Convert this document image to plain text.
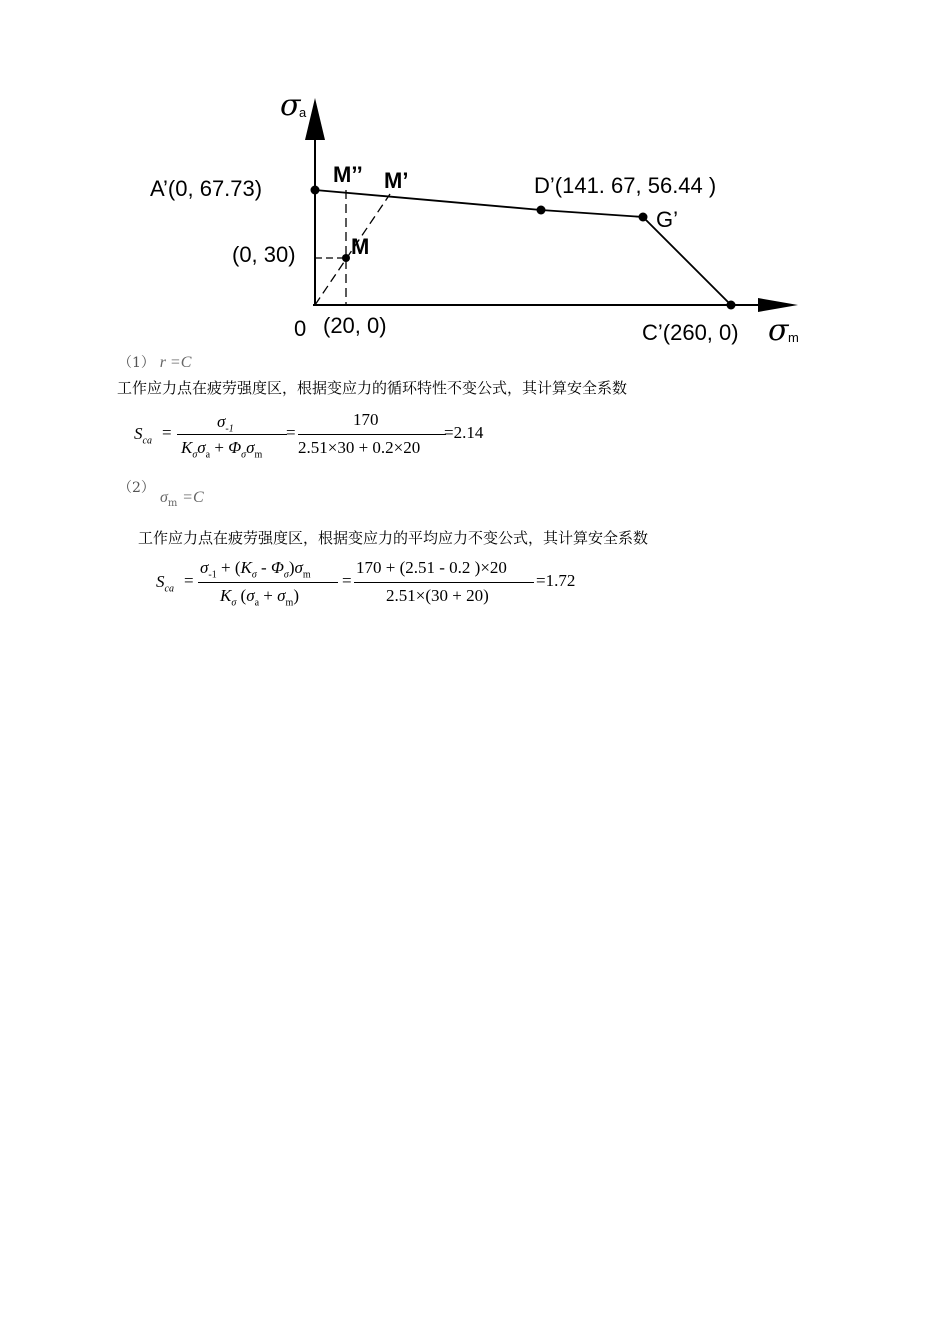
σ
a
σ m
A’(0, 67.73)
M’’ M’	D’(141. 67, 56.44 )
G’
M
(0, 30)
0 (20, 0)	C’(260, 0)
（1） r =C
工作应力点在疲劳强度区，根据变应力的循环特性不变公式，其计算安全系数
$S_{ca}$ =
$\sigma_{-1}$
$K_\sigma\sigma_a + \Phi_\sigma\sigma_m$
=
170
2.51×30 + 0.2×20
=2.14
（2）
$\sigma_m =C$
工作应力点在疲劳强度区，根据变应力的平均应力不变公式，其计算安全系数
$S_{ca}$ =
$\sigma_{-1} + (K_\sigma - \Phi_\sigma)\sigma_m$
$K_\sigma$ $(\sigma_a + \sigma_m)$
=
170 + (2.51 - 0.2 )×20
2.51×(30 + 20)
=1.72
